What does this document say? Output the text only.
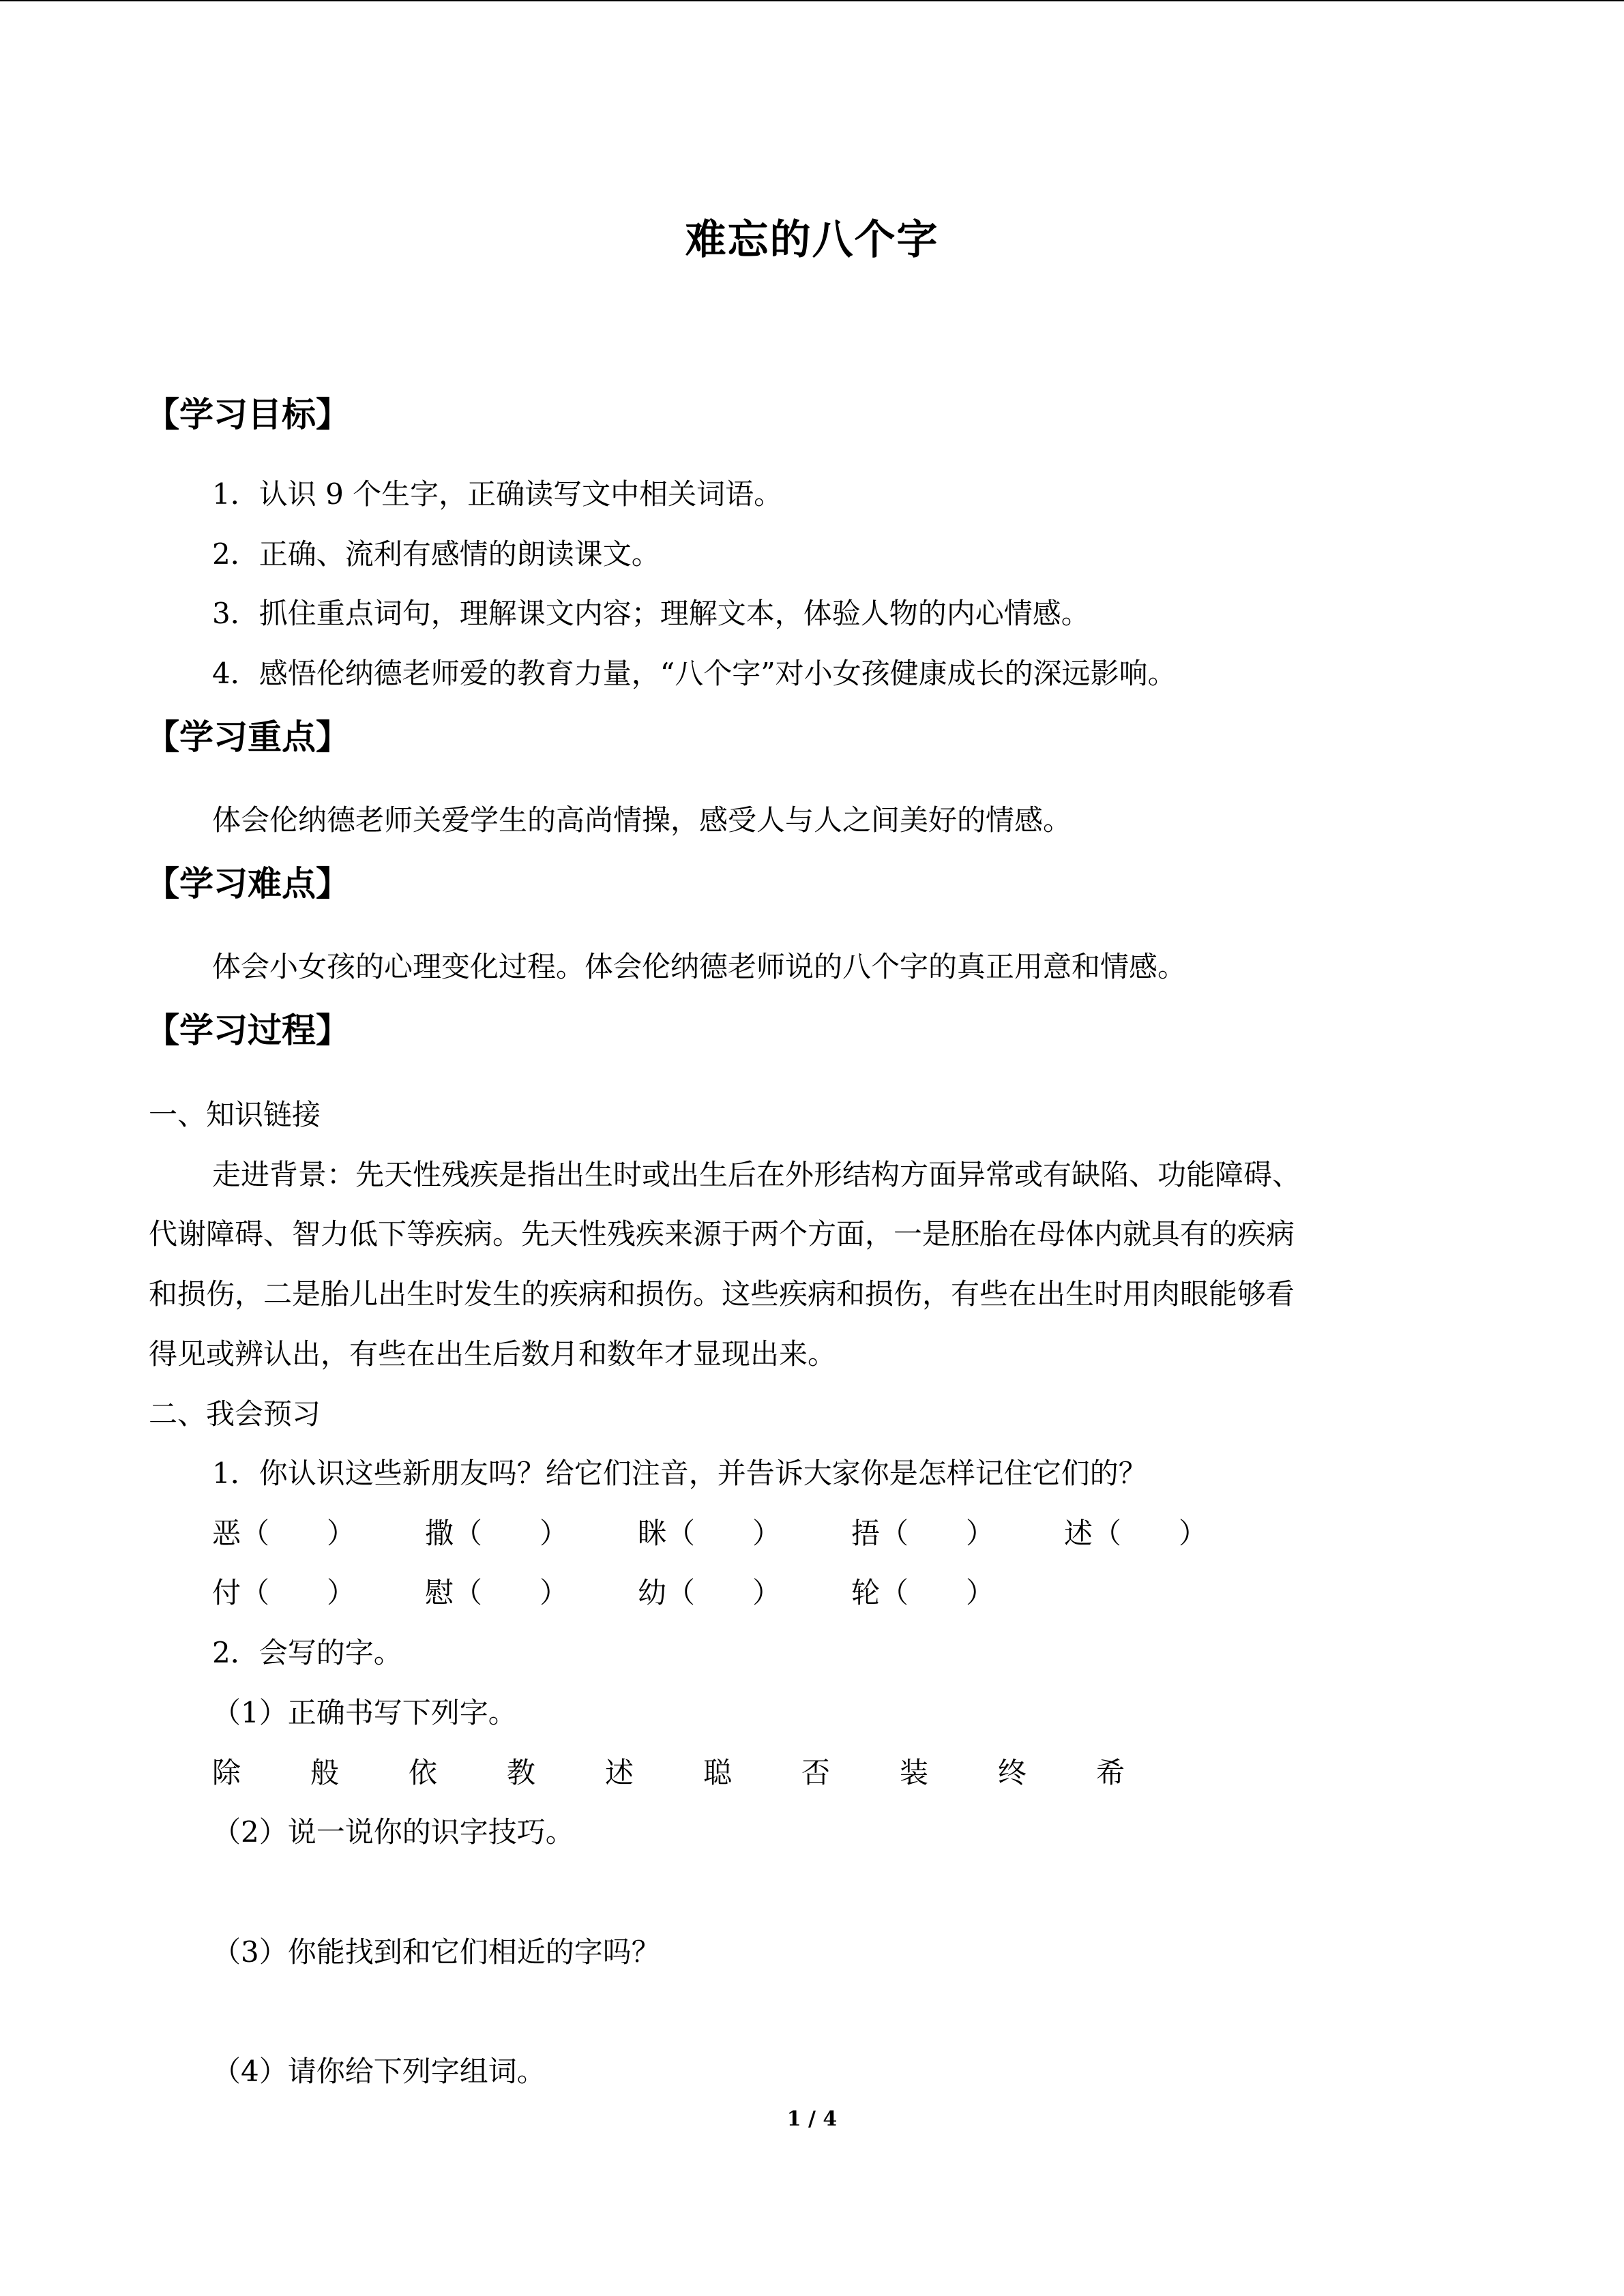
难忘的八个字
【学习目标】
1．认识 9 个生字，正确读写文中相关词语。
2．正确、流利有感情的朗读课文。
3．抓住重点词句，理解课文内容；理解文本，体验人物的内心情感。
4．感悟伦纳德老师爱的教育力量，“八个字”对小女孩健康成长的深远影响。
【学习重点】
体会伦纳德老师关爱学生的高尚情操，感受人与人之间美好的情感。
【学习难点】
体会小女孩的心理变化过程。体会伦纳德老师说的八个字的真正用意和情感。
【学习过程】
一、知识链接
走进背景：先天性残疾是指出生时或出生后在外形结构方面异常或有缺陷、功能障碍、
代谢障碍、智力低下等疾病。先天性残疾来源于两个方面，一是胚胎在母体内就具有的疾病
和损伤，二是胎儿出生时发生的疾病和损伤。这些疾病和损伤，有些在出生时用肉眼能够看
得见或辨认出，有些在出生后数月和数年才显现出来。
二、我会预习
1．你认识这些新朋友吗？给它们注音，并告诉大家你是怎样记住它们的？
恶（　　） 撒（　　） 眯（　　） 捂（　　） 述（　　）
付（　　） 慰（　　） 幼（　　） 轮（　　）
2．会写的字。
（1）正确书写下列字。
除 般 依 教 述 聪 否 装 终 希
（2）说一说你的识字技巧。
（3）你能找到和它们相近的字吗？
（4）请你给下列字组词。
1 / 4
